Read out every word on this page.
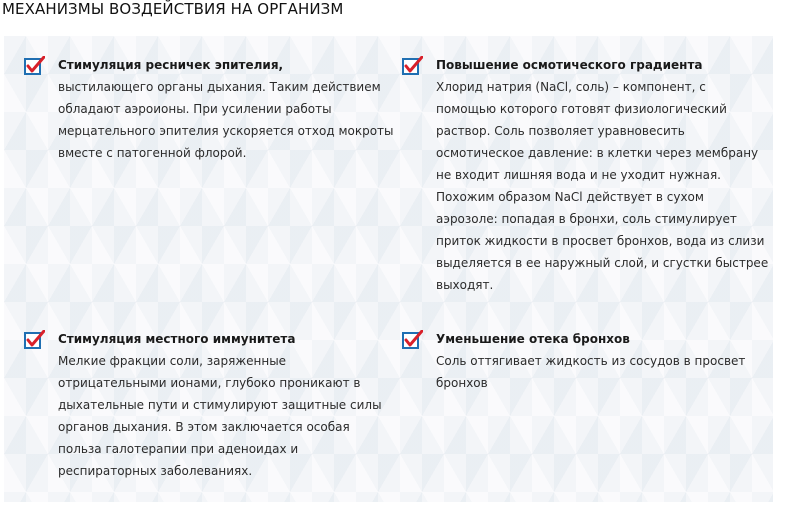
МЕХАНИЗМЫ ВОЗДЕЙСТВИЯ НА ОРГАНИЗМ
Стимуляция ресничек эпителия,

выстилающего органы дыхания. Таким действием
обладают аэроионы. При усилении работы
мерцательного эпителия ускоряется отход мокроты
вместе с патогенной флорой.

Повышение осмотического градиента

Хлорид натрия (NaCl, соль) – компонент, с
помощью которого готовят физиологический
раствор. Соль позволяет уравновесить
осмотическое давление: в клетки через мембрану
не входит лишняя вода и не уходит нужная.
Похожим образом NaCl действует в сухом
аэрозоле: попадая в бронхи, соль стимулирует
приток жидкости в просвет бронхов, вода из слизи
выделяется в ее наружный слой, и сгустки быстрее
выходят.

Стимуляция местного иммунитета

Мелкие фракции соли, заряженные
отрицательными ионами, глубоко проникают в
дыхательные пути и стимулируют защитные силы
органов дыхания. В этом заключается особая
польза галотерапии при аденоидах и
респираторных заболеваниях.

Уменьшение отека бронхов

Соль оттягивает жидкость из сосудов в просвет
бронхов
